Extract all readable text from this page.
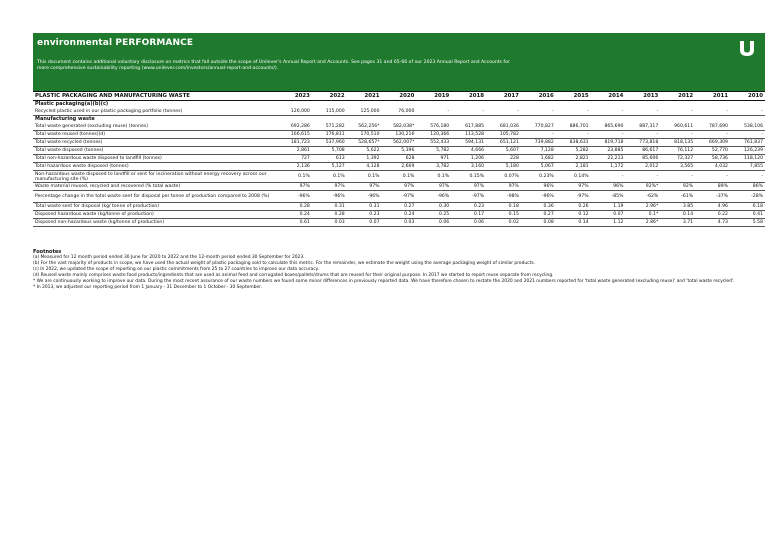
environmental PERFORMANCE
This document contains additional voluntary disclosure on metrics that fall outside the scope of Unilever's Annual Report and Accounts. See pages 31 and 65-66 of our 2023 Annual Report and Accounts for more comprehensive sustainability reporting (www.unilever.com/investors/annual-report-and-accounts/).
PLASTIC PACKAGING AND MANUFACTURING WASTE	2023	2022	2021	2020	2019	2018	2017	2016	2015	2014	2013	2012	2011	2010
Plastic packaging(a)(b)(c)														
Recycled plastic used in our plastic packaging portfolio (tonnes)	126,000	115,000	125,000	76,000	-	-	-	-	-	-	-	-	-	-
Manufacturing waste														
Total waste generated (excluding reuse) (tonnes)	692,286	571,282	562,256*	582,038*	576,180	617,885	681,036	770,827	886,701	865,690	887,317	960,611	787,690	538,106
Total waste reused (tonnes)(d)	166,615	176,811	170,510	130,216	120,366	113,528	105,782	-	-	-	-	-	-	-
Total waste recycled (tonnes)	181,723	537,960	528,657*	562,007*	552,433	594,131	651,121	739,882	838,631	819,718	773,818	818,135	669,309	761,837
Total waste disposed (tonnes)	2,861	5,708	5,622	5,396	5,782	4,666	5,607	7,128	5,282	23,885	86,617	76,112	52,770	126,239
Total non-hazardous waste disposed to landfill (tonnes)	727	613	1,392	628	971	1,206	228	1,682	2,821	22,213	85,606	72,327	58,736	118,120
Total hazardous waste disposed (tonnes)	2,136	5,127	4,128	2,669	3,782	3,160	5,180	5,067	2,181	1,172	2,012	3,565	4,032	7,855
Non-hazardous waste disposed to landfill or sent for incineration without energy recovery across our manufacturing site (%)	0.1%	0.1%	0.1%	0.1%	0.1%	0.15%	0.07%	0.23%	0.14%	-	-	-	-	-
Waste material reused, recycled and recovered (% total waste)	97%	97%	97%	97%	97%	97%	97%	96%	97%	96%	92%*	92%	89%	86%
Percentage change in the total waste sent for disposal per tonne of production compared to 2008 (%)	-96%	-96%	-96%	-97%	-96%	-97%	-98%	-96%	-97%	-85%	-62%	-61%	-37%	-28%
Total waste sent for disposal (kg/ tonne of production)	0.28	0.31	0.31	0.27	0.30	0.23	0.18	0.36	0.26	1.19	2.96*	3.85	4.96	6.18
Disposed hazardous waste (kg/tonne of production)	0.24	0.28	0.23	0.24	0.25	0.17	0.15	0.27	0.12	0.07	0.1*	0.14	0.22	0.41
Disposed non-hazardous waste (kg/tonne of production)	0.61	0.03	0.07	0.03	0.06	0.06	0.02	0.08	0.14	1.12	2.86*	3.71	4.73	5.58
Footnotes
(a) Measured for 12 month period ended 30 June for 2020 to 2022 and the 12-month period ended 30 September for 2023.
(b) For the vast majority of products in scope, we have used the actual weight of plastic packaging sold to calculate this metric. For the remainder, we estimate the weight using the average packaging weight of similar products.
(c) In 2022, we updated the scope of reporting on our plastic commitments from 25 to 27 countries to improve our data accuracy.
(d) Reused waste mainly comprises waste food products/ingredients that are used as animal feed and corrugated boxes/pallets/drums that are reused for their original purpose. In 2017 we started to report reuse separate from recycling.
* We are continuously working to improve our data. During the most recent assurance of our waste numbers we found some minor differences in previously reported data. We have therefore chosen to restate the 2020 and 2021 numbers reported for 'total waste generated (excluding reuse)' and 'total waste recycled'.
* In 2013, we adjusted our reporting period from 1 January - 31 December to 1 October - 30 September.
